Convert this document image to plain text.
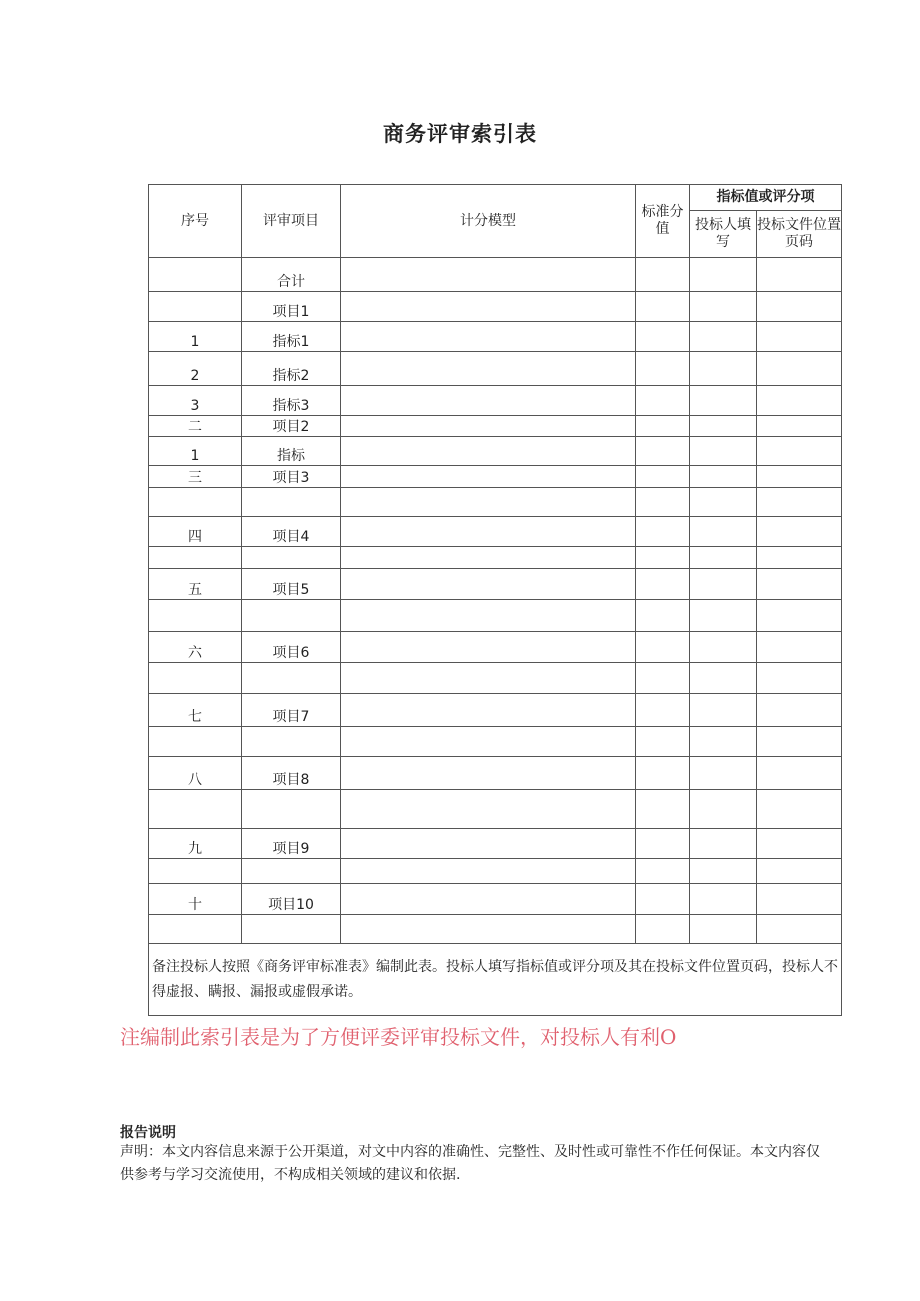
商务评审索引表
序号	评审项目	计分模型	标准分值	指标值或评分项	
				投标人填写	投标文件位置页码
	合计				
	项目1				
1	指标1				
2	指标2				
3	指标3				
二	项目2				
1	指标				
三	项目3				

四	项目4				

五	项目5				

六	项目6				

七	项目7				

八	项目8				

九	项目9				

十	项目10				

备注投标人按照《商务评审标准表》编制此表。投标人填写指标值或评分项及其在投标文件位置页码，投标人不得虚报、瞒报、漏报或虚假承诺。					
注编制此索引表是为了方便评委评审投标文件，对投标人有利O
报告说明
声明：本文内容信息来源于公开渠道，对文中内容的准确性、完整性、及时性或可靠性不作任何保证。本文内容仅供参考与学习交流使用，不构成相关领域的建议和依据.
